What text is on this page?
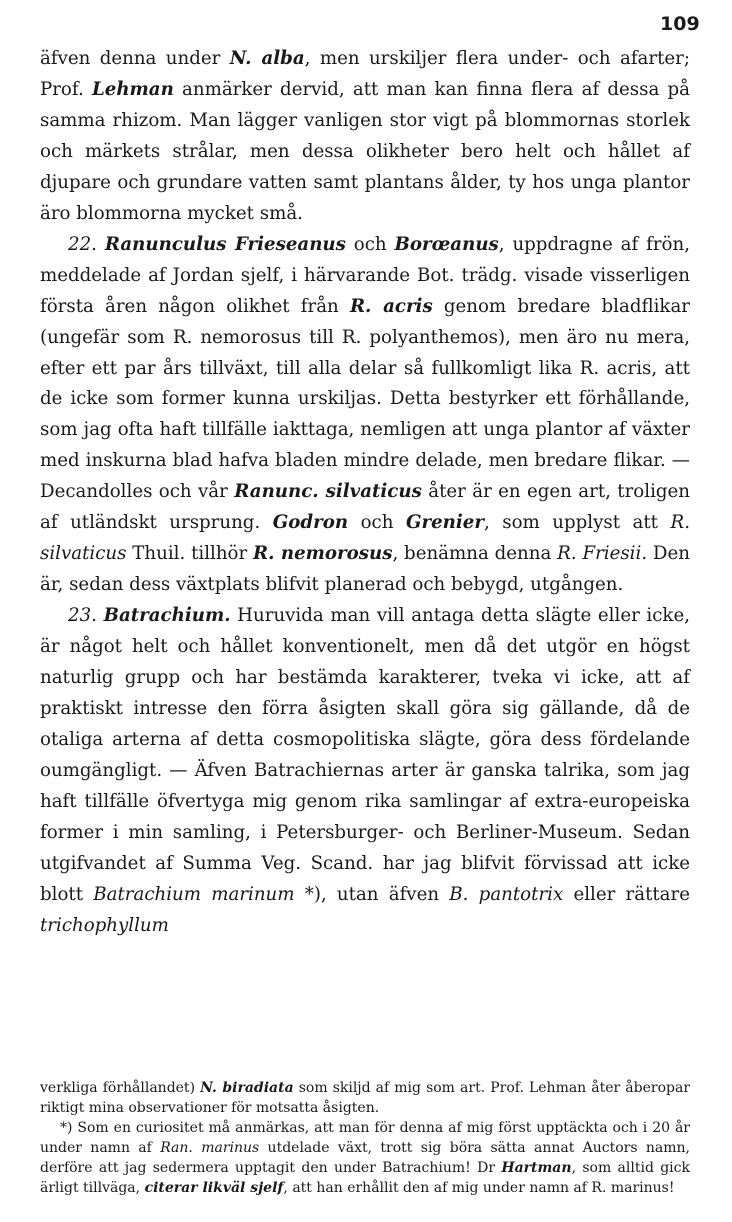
109

äfven denna under N. alba, men urskiljer flera under- och afarter; Prof. Lehman anmärker dervid, att man kan finna flera af dessa på samma rhizom. Man lägger vanligen stor vigt på blommornas storlek och märkets strålar, men dessa olikheter bero helt och hållet af djupare och grundare vatten samt plantans ålder, ty hos unga plantor äro blommorna mycket små.

22. Ranunculus Frieseanus och Borœanus, uppdragne af frön, meddelade af Jordan sjelf, i härvarande Bot. trädg. visade visserligen första åren någon olikhet från R. acris genom bredare bladflikar (ungefär som R. nemorosus till R. polyanthemos), men äro nu mera, efter ett par års tillväxt, till alla delar så fullkomligt lika R. acris, att de icke som former kunna urskiljas. Detta bestyrker ett förhållande, som jag ofta haft tillfälle iakttaga, nemligen att unga plantor af växter med inskurna blad hafva bladen mindre delade, men bredare flikar. — Decandolles och vår Ranunc. silvaticus åter är en egen art, troligen af utländskt ursprung. Godron och Grenier, som upplyst att R. silvaticus Thuil. tillhör R. nemorosus, benämna denna R. Friesii. Den är, sedan dess växtplats blifvit planerad och bebygd, utgången.

23. Batrachium. Huruvida man vill antaga detta slägte eller icke, är något helt och hållet konventionelt, men då det utgör en högst naturlig grupp och har bestämda karakterer, tveka vi icke, att af praktiskt intresse den förra åsigten skall göra sig gällande, då de otaliga arterna af detta cosmopolitiska slägte, göra dess fördelande oumgängligt. — Äfven Batrachiernas arter är ganska talrika, som jag haft tillfälle öfvertyga mig genom rika samlingar af extra-europeiska former i min samling, i Petersburger- och Berliner-Museum. Sedan utgifvandet af Summa Veg. Scand. har jag blifvit förvissad att icke blott Batrachium marinum *), utan äfven B. pantotrix eller rättare trichophyllum

verkliga förhållandet) N. biradiata som skiljd af mig som art. Prof. Lehman åter åberopar riktigt mina observationer för motsatta åsigten.

*) Som en curiositet må anmärkas, att man för denna af mig först upptäckta och i 20 år under namn af Ran. marinus utdelade växt, trott sig böra sätta annat Auctors namn, derföre att jag sedermera upptagit den under Batrachium! Dr Hartman, som alltid gick ärligt tillväga, citerar likväl sjelf, att han erhållit den af mig under namn af R. marinus!
